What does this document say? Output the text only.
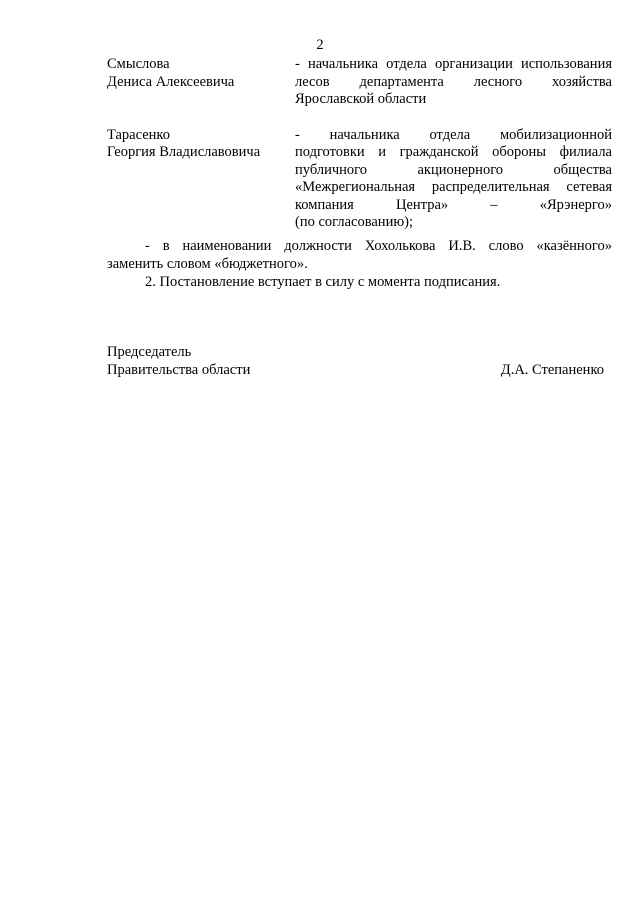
2
Смыслова
Дениса Алексеевича
- начальника отдела организации использования
лесов департамента лесного хозяйства
Ярославской области
Тарасенко
Георгия Владиславовича
- начальника отдела мобилизационной
подготовки и гражданской обороны филиала
публичного акционерного общества
«Межрегиональная распределительная сетевая
компания Центра» – «Ярэнерго»
(по согласованию);
- в наименовании должности Хохолькова И.В. слово «казённого»
заменить словом «бюджетного».
2. Постановление вступает в силу с момента подписания.
Председатель
Правительства области	Д.А. Степаненко
